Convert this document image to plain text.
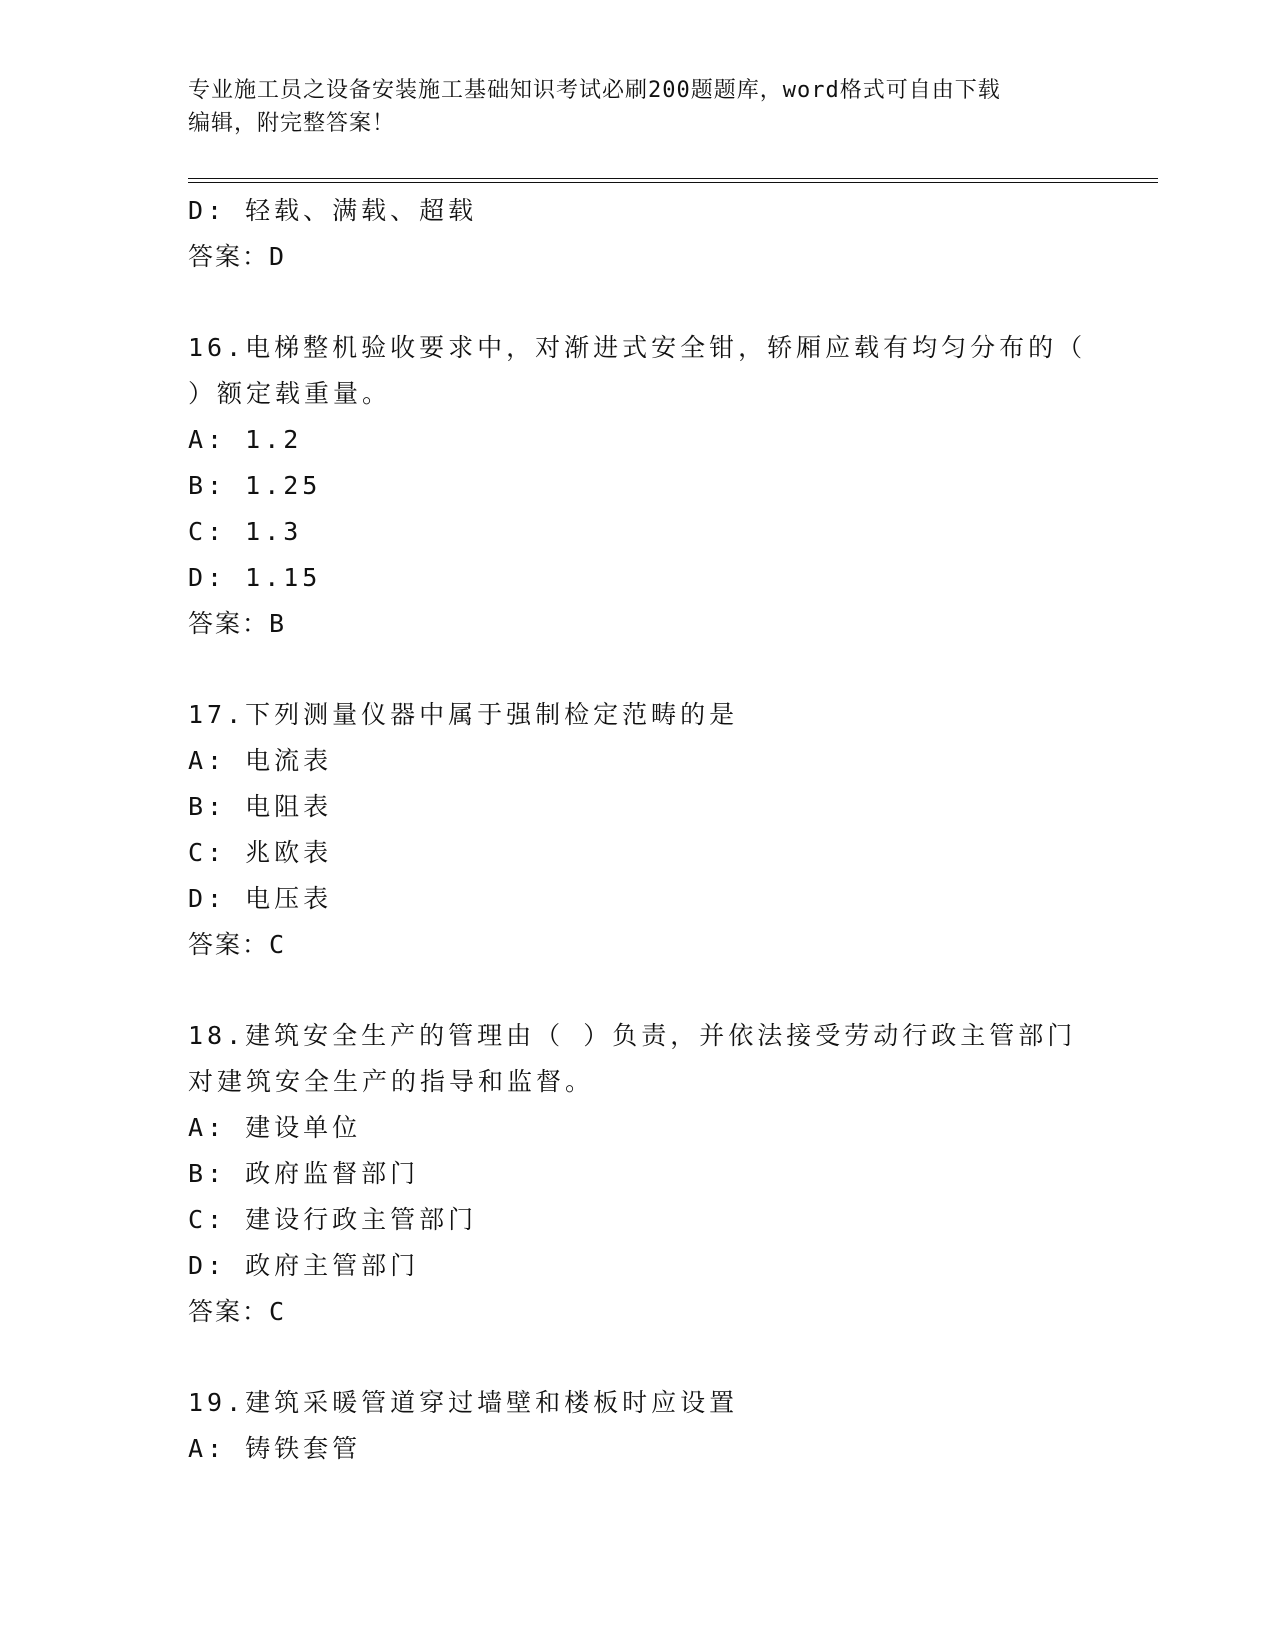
专业施工员之设备安装施工基础知识考试必刷200题题库，word格式可自由下载
编辑，附完整答案！
D: 轻载、满载、超载
答案：D
16.电梯整机验收要求中，对渐进式安全钳，轿厢应载有均匀分布的（
）额定载重量。
A: 1.2
B: 1.25
C: 1.3
D: 1.15
答案：B
17.下列测量仪器中属于强制检定范畴的是
A: 电流表
B: 电阻表
C: 兆欧表
D: 电压表
答案：C
18.建筑安全生产的管理由（ ）负责，并依法接受劳动行政主管部门
对建筑安全生产的指导和监督。
A: 建设单位
B: 政府监督部门
C: 建设行政主管部门
D: 政府主管部门
答案：C
19.建筑采暖管道穿过墙壁和楼板时应设置
A: 铸铁套管
